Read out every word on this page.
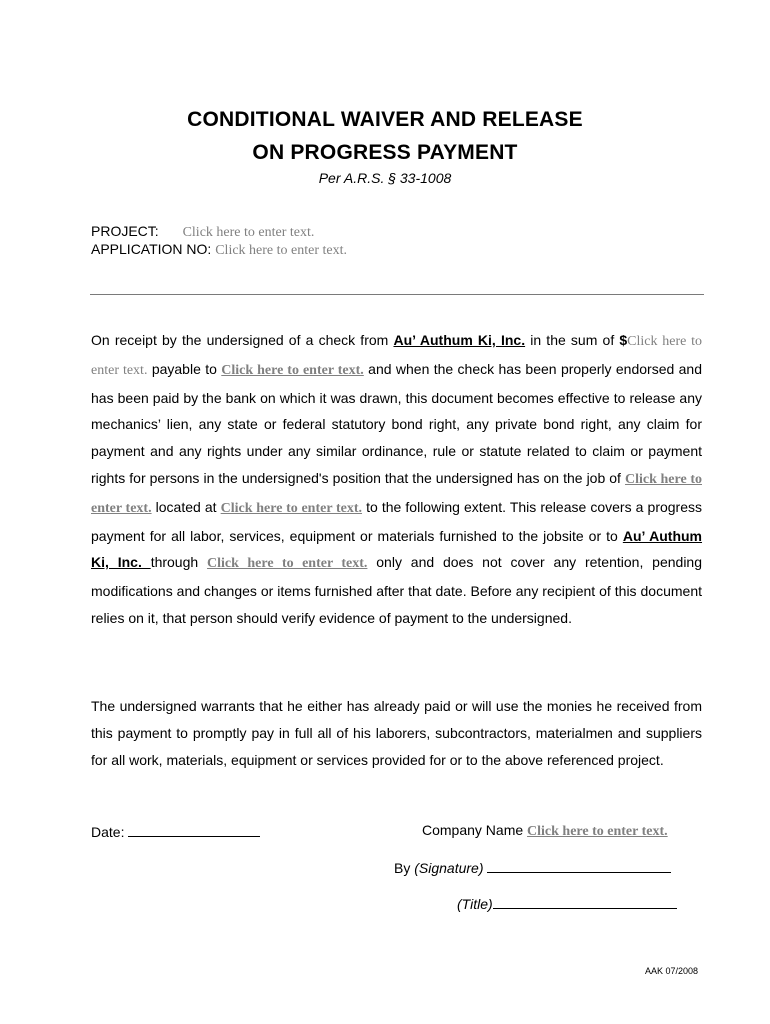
CONDITIONAL WAIVER AND RELEASE
ON PROGRESS PAYMENT
Per A.R.S. § 33-1008
PROJECT: Click here to enter text.
APPLICATION NO: Click here to enter text.

On receipt by the undersigned of a check from Au’ Authum Ki, Inc. in the sum of $Click here to enter text. payable to Click here to enter text. and when the check has been properly endorsed and has been paid by the bank on which it was drawn, this document becomes effective to release any mechanics’ lien, any state or federal statutory bond right, any private bond right, any claim for payment and any rights under any similar ordinance, rule or statute related to claim or payment rights for persons in the undersigned's position that the undersigned has on the job of Click here to enter text. located at Click here to enter text. to the following extent. This release covers a progress payment for all labor, services, equipment or materials furnished to the jobsite or to Au’ Authum Ki, Inc. through Click here to enter text. only and does not cover any retention, pending modifications and changes or items furnished after that date. Before any recipient of this document relies on it, that person should verify evidence of payment to the undersigned.

The undersigned warrants that he either has already paid or will use the monies he received from this payment to promptly pay in full all of his laborers, subcontractors, materialmen and suppliers for all work, materials, equipment or services provided for or to the above referenced project.

Date:	Company Name Click here to enter text.
By (Signature)
(Title)
AAK 07/2008
